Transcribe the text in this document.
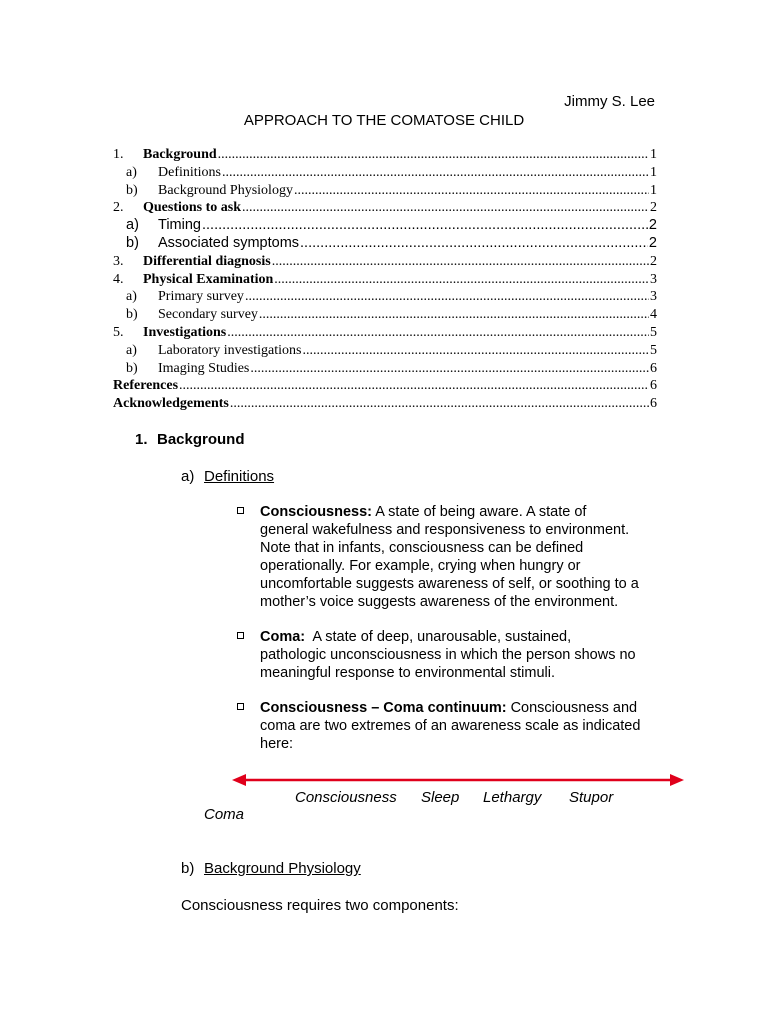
Jimmy S. Lee
APPROACH TO THE COMATOSE CHILD
1.	Background .....	1
a)	Definitions .....	1
b)	Background Physiology .....	1
2.	Questions to ask .....	2
a)	Timing .....	2
b)	Associated symptoms .....	2
3.	Differential diagnosis .....	2
4.	Physical Examination .....	3
a)	Primary survey .....	3
b)	Secondary survey .....	4
5.	Investigations .....	5
a)	Laboratory investigations .....	5
b)	Imaging Studies .....	6
References .....	6
Acknowledgements .....	6
1. Background
a) Definitions
Consciousness: A state of being aware. A state of
general wakefulness and responsiveness to environment.
Note that in infants, consciousness can be defined
operationally. For example, crying when hungry or
uncomfortable suggests awareness of self, or soothing to a
mother’s voice suggests awareness of the environment.
Coma:  A state of deep, unarousable, sustained,
pathologic unconsciousness in which the person shows no
meaningful response to environmental stimuli.
Consciousness – Coma continuum: Consciousness and
coma are two extremes of an awareness scale as indicated
here:
Consciousness Sleep Lethargy Stupor
Coma
b) Background Physiology
Consciousness requires two components:
